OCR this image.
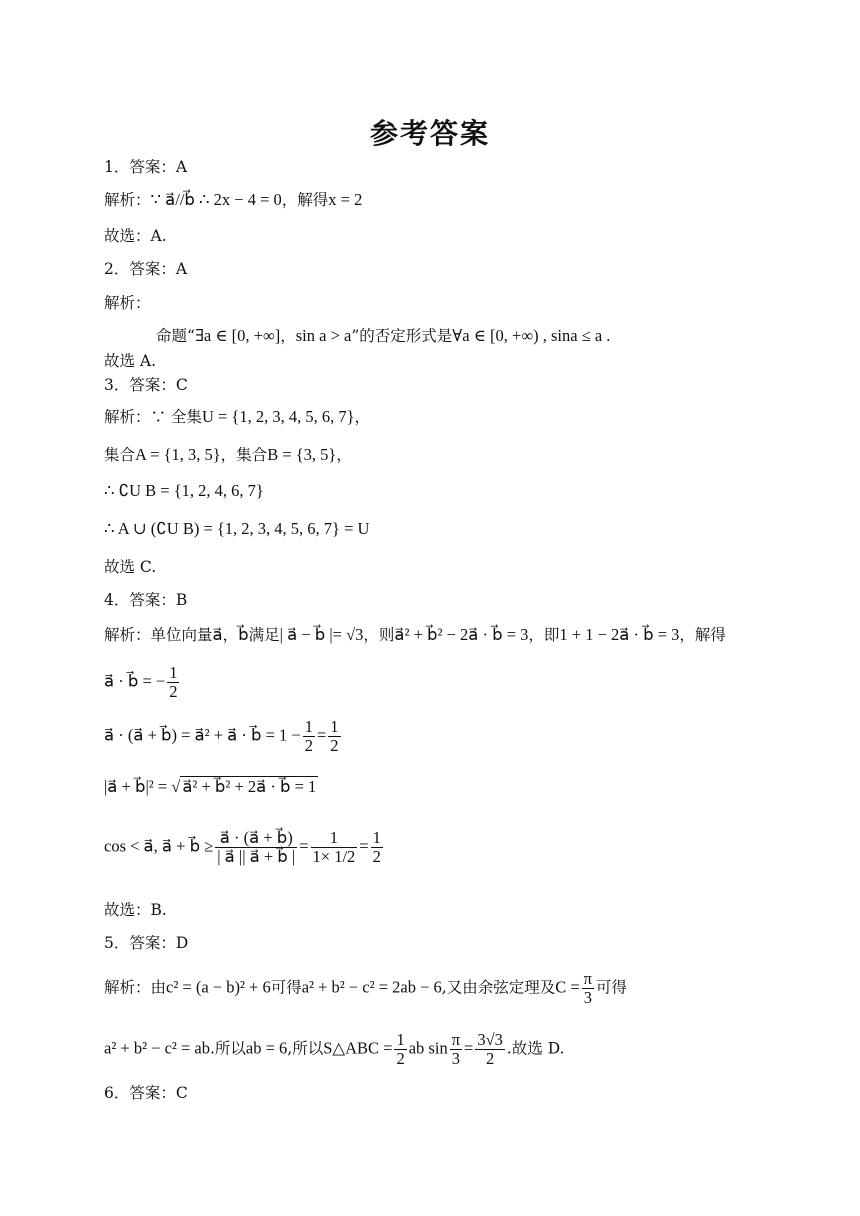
参考答案
1．答案：A
解析：∵ a⃗//b⃗ ∴ 2x − 4 = 0，解得x = 2
故选：A.
2．答案：A
解析：
命题“∃a ∈ [0, +∞]，sin a > a”的否定形式是∀a ∈ [0, +∞) , sina ≤ a .
故选 A.
3．答案：C
解析：∵ 全集U = {1, 2, 3, 4, 5, 6, 7}，
集合A = {1, 3, 5}，集合B = {3, 5}，
∴ ∁U B = {1, 2, 4, 6, 7}
∴ A ∪ (∁U B) = {1, 2, 3, 4, 5, 6, 7} = U
故选 C.
4．答案：B
解析：单位向量a⃗，b⃗满足| a⃗ − b⃗ |= √3，则a⃗² + b⃗² − 2a⃗ · b⃗ = 3，即1 + 1 − 2a⃗ · b⃗ = 3，解得
a⃗ · b⃗ = − $\frac{1}{2}$
a⃗ · (a⃗ + b⃗) = a⃗² + a⃗ · b⃗ = $1 - \frac{1}{2} = \frac{1}{2}$
|a⃗ + b⃗|² = √ a⃗² + b⃗² + 2a⃗ · b⃗ = 1
cos < a⃗, a⃗ + b⃗ ≥ $\frac{a⃗ \cdot (a⃗ + b⃗)}{| a⃗ || a⃗ + b⃗ |} = \frac{1}{1\times 1/2} = \frac{1}{2}$
故选：B.
5．答案：D
解析：由c² = (a − b)² + 6可得a² + b² − c² = 2ab − 6,又由余弦定理及$C = \frac{\pi}{3}$ 可得
a² + b² − c² = ab.所以ab = 6,所以S△ABC = $\frac{1}{2}$ ab $\sin \frac{\pi}{3} = \frac{3√3}{2}$ .故选 D.
6．答案：C
